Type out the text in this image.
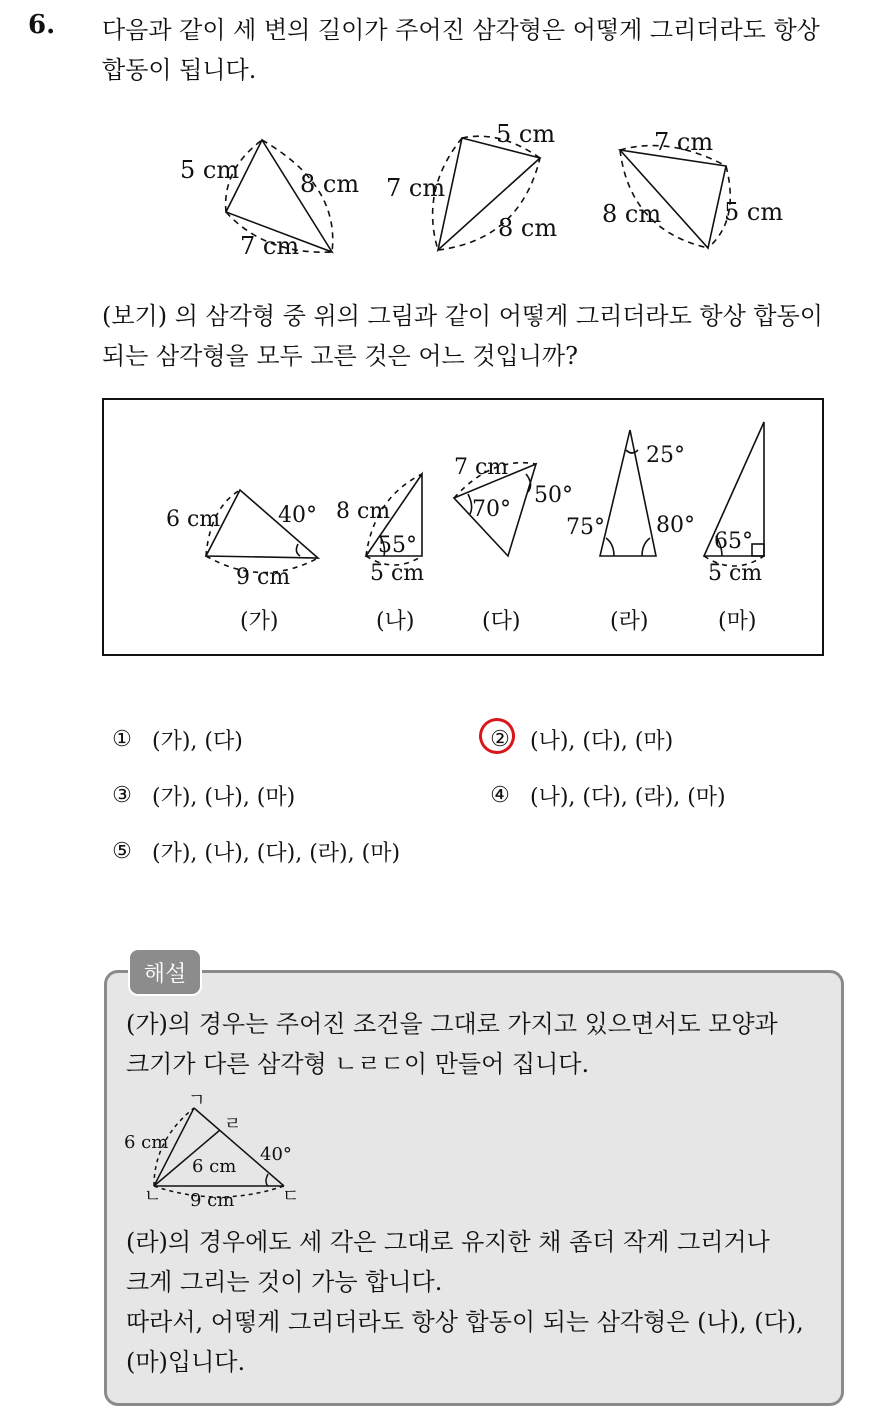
6. 다음과 같이 세 변의 길이가 주어진 삼각형은 어떻게 그리더라도 항상
합동이 됩니다.
5 cm	8 cm
7 cm
5 cm
7 cm
8 cm
7 cm
8 cm	5 cm
(보기) 의 삼각형 중 위의 그림과 같이 어떻게 그리더라도 항상 합동이
되는 삼각형을 모두 고른 것은 어느 것입니까?
6 cm
9 cm
40°
(가)
8 cm
55°
5 cm
(나)
7 cm
70°
50°
(다)
25°
75° 80°
(라)
65°
5 cm
(마)
① (가), (다)	② (나), (다), (마)
③ (가), (나), (마)	④ (나), (다), (라), (마)
⑤ (가), (나), (다), (라), (마)
해설
(가)의 경우는 주어진 조건을 그대로 가지고 있으면서도 모양과
크기가 다른 삼각형 ㄴㄹㄷ이 만들어 집니다.
ㄱ
ㄹ
ㄴ	ㄷ
6 cm
6 cm
9 cm
40°
(라)의 경우에도 세 각은 그대로 유지한 채 좀더 작게 그리거나
크게 그리는 것이 가능 합니다.
따라서, 어떻게 그리더라도 항상 합동이 되는 삼각형은 (나), (다),
(마)입니다.
